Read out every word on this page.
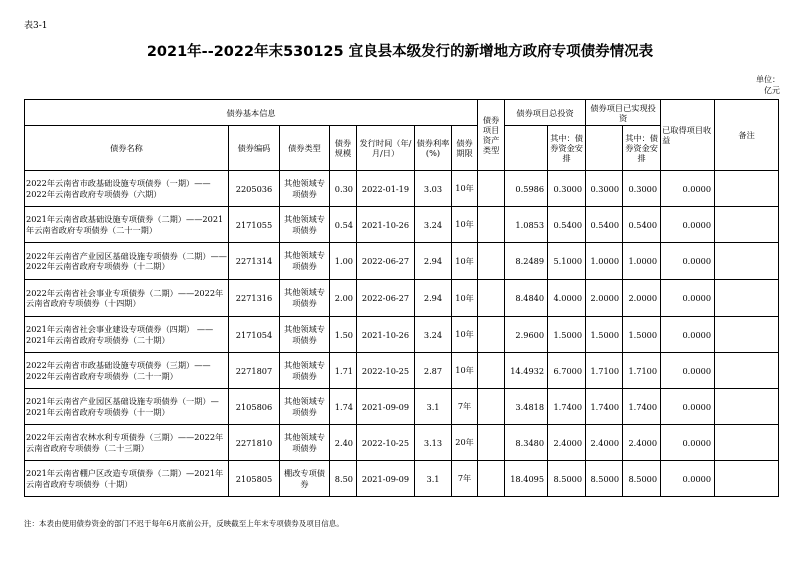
表3-1
2021年--2022年末530125 宜良县本级发行的新增地方政府专项债券情况表
单位：
亿元
债券基本信息							债券项目资产类型	债券项目总投资		债券项目已实现投资		已取得项目收益	备注
债券名称	债券编码	债券类型	债券规模	发行时间（年/月/日）	债券利率(%)	债券期限			其中：债券资金安排		其中：债券资金安排		
2022年云南省市政基础设施专项债券（一期）——2022年云南省政府专项债券（六期）	2205036	其他领域专项债券	0.30	2022-01-19	3.03	10年		0.5986	0.3000	0.3000	0.3000	0.0000	
2021年云南省政基础设施专项债券（二期）——2021年云南省政府专项债券（二十一期）	2171055	其他领域专项债券	0.54	2021-10-26	3.24	10年		1.0853	0.5400	0.5400	0.5400	0.0000	
2022年云南省产业园区基础设施专项债券（二期）——2022年云南省政府专项债券（十二期）	2271314	其他领域专项债券	1.00	2022-06-27	2.94	10年		8.2489	5.1000	1.0000	1.0000	0.0000	
2022年云南省社会事业专项债券（二期）——2022年云南省政府专项债券（十四期）	2271316	其他领域专项债券	2.00	2022-06-27	2.94	10年		8.4840	4.0000	2.0000	2.0000	0.0000	
2021年云南省社会事业建设专项债券（四期） ——2021年云南省政府专项债券（二十期）	2171054	其他领域专项债券	1.50	2021-10-26	3.24	10年		2.9600	1.5000	1.5000	1.5000	0.0000	
2022年云南省市政基础设施专项债券（三期）——2022年云南省政府专项债券（二十一期）	2271807	其他领域专项债券	1.71	2022-10-25	2.87	10年		14.4932	6.7000	1.7100	1.7100	0.0000	
2021年云南省产业园区基础设施专项债券（一期）—2021年云南省政府专项债券（十一期）	2105806	其他领域专项债券	1.74	2021-09-09	3.1	7年		3.4818	1.7400	1.7400	1.7400	0.0000	
2022年云南省农林水利专项债券（三期）——2022年云南省政府专项债券（二十三期）	2271810	其他领域专项债券	2.40	2022-10-25	3.13	20年		8.3480	2.4000	2.4000	2.4000	0.0000	
2021年云南省棚户区改造专项债券（二期）—2021年云南省政府专项债券（十期）	2105805	棚改专项债券	8.50	2021-09-09	3.1	7年		18.4095	8.5000	8.5000	8.5000	0.0000	
注：本表由使用债券资金的部门不迟于每年6月底前公开，反映截至上年末专项债券及项目信息。
